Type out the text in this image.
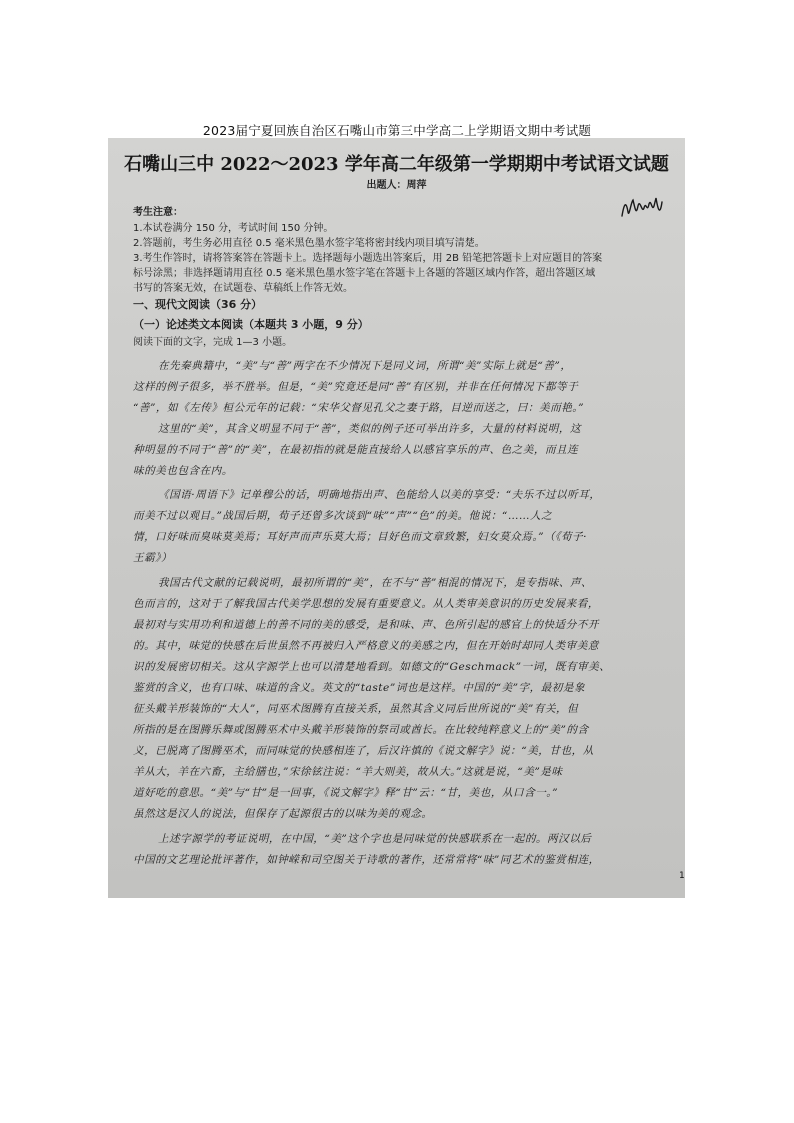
2023届宁夏回族自治区石嘴山市第三中学高二上学期语文期中考试题
石嘴山三中 2022～2023 学年高二年级第一学期期中考试语文试题
出题人：周萍
考生注意：
1.本试卷满分 150 分，考试时间 150 分钟。
2.答题前，考生务必用直径 0.5 毫米黑色墨水签字笔将密封线内项目填写清楚。
3.考生作答时，请将答案答在答题卡上。选择题每小题选出答案后，用 2B 铅笔把答题卡上对应题目的答案
标号涂黑；非选择题请用直径 0.5 毫米黑色墨水签字笔在答题卡上各题的答题区域内作答，超出答题区域
书写的答案无效，在试题卷、草稿纸上作答无效。
一、现代文阅读（36 分）
（一）论述类文本阅读（本题共 3 小题，9 分）
阅读下面的文字，完成 1—3 小题。
在先秦典籍中，“美”与“善”两字在不少情况下是同义词，所谓“美”实际上就是“善”，
这样的例子很多，举不胜举。但是，“美”究竟还是同“善”有区别，并非在任何情况下都等于
“善”，如《左传》桓公元年的记载：“宋华父督见孔父之妻于路，目逆而送之，曰：美而艳。”
这里的“美”，其含义明显不同于“善”，类似的例子还可举出许多，大量的材料说明，这
种明显的不同于“善”的“美”，在最初指的就是能直接给人以感官享乐的声、色之美，而且连
味的美也包含在内。
《国语·周语下》记单穆公的话，明确地指出声、色能给人以美的享受：“夫乐不过以听耳，
而美不过以观目。”战国后期，荀子还曾多次谈到“味”“声”“色”的美。他说：“……人之
情，口好味而臭味莫美焉；耳好声而声乐莫大焉；目好色而文章致繁，妇女莫众焉。”（《荀子·
王霸》）
我国古代文献的记载说明，最初所谓的“美”，在不与“善”相混的情况下，是专指味、声、
色而言的，这对于了解我国古代美学思想的发展有重要意义。从人类审美意识的历史发展来看，
最初对与实用功利和道德上的善不同的美的感受，是和味、声、色所引起的感官上的快适分不开
的。其中，味觉的快感在后世虽然不再被归入严格意义的美感之内，但在开始时却同人类审美意
识的发展密切相关。这从字源学上也可以清楚地看到。如德文的“Geschmack”一词，既有审美、
鉴赏的含义，也有口味、味道的含义。英文的“taste”词也是这样。中国的“美”字，最初是象
征头戴羊形装饰的“大人”，同巫术图腾有直接关系，虽然其含义同后世所说的“美”有关，但
所指的是在图腾乐舞或图腾巫术中头戴羊形装饰的祭司或酋长。在比较纯粹意义上的“美”的含
义，已脱离了图腾巫术，而同味觉的快感相连了，后汉许慎的《说文解字》说：“美，甘也，从
羊从大，羊在六畜，主给膳也，”宋徐铉注说：“羊大则美，故从大。”这就是说，“美”是味
道好吃的意思。“美”与“甘”是一回事，《说文解字》释“甘”云：“甘，美也，从口含一。”
虽然这是汉人的说法，但保存了起源很古的以味为美的观念。
上述字源学的考证说明，在中国，“美”这个字也是同味觉的快感联系在一起的。两汉以后
中国的文艺理论批评著作，如钟嵘和司空图关于诗歌的著作，还常常将“味”同艺术的鉴赏相连，
1
